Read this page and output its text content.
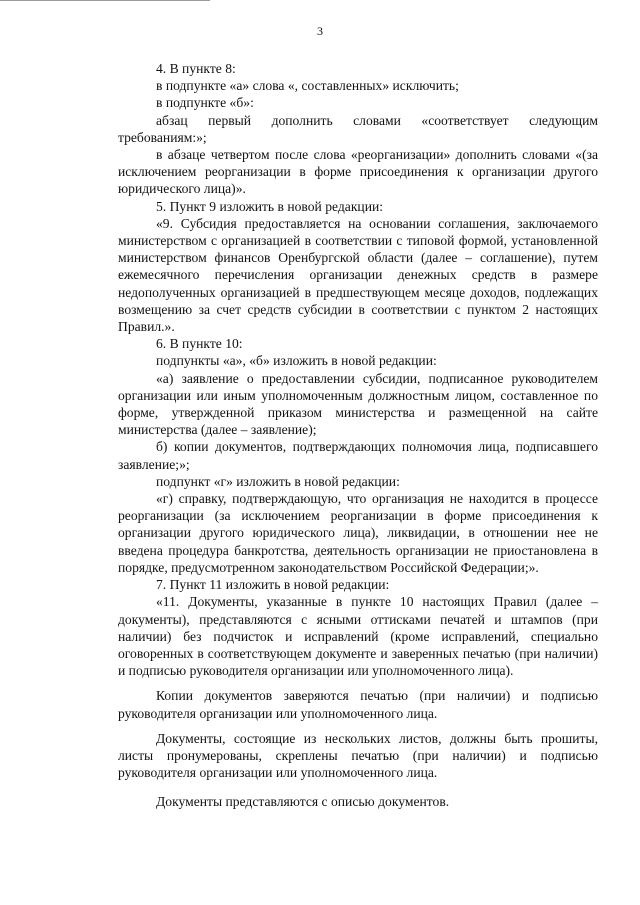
3

4. В пункте 8:

в подпункте «а» слова «, составленных» исключить;

в подпункте «б»:

абзац первый дополнить словами «соответствует следующим требованиям:»;

в абзаце четвертом после слова «реорганизации» дополнить словами «(за исключением реорганизации в форме присоединения к организации другого юридического лица)».

5. Пункт 9 изложить в новой редакции:

«9. Субсидия предоставляется на основании соглашения, заключаемого министерством с организацией в соответствии с типовой формой, установленной министерством финансов Оренбургской области (далее – соглашение), путем ежемесячного перечисления организации денежных средств в размере недополученных организацией в предшествующем месяце доходов, подлежащих возмещению за счет средств субсидии в соответствии с пунктом 2 настоящих Правил.».

6. В пункте 10:

подпункты «а», «б» изложить в новой редакции:

«а) заявление о предоставлении субсидии, подписанное руководителем организации или иным уполномоченным должностным лицом, составленное по форме, утвержденной приказом министерства и размещенной на сайте министерства (далее – заявление);

б) копии документов, подтверждающих полномочия лица, подписавшего заявление;»;

подпункт «г» изложить в новой редакции:

«г) справку, подтверждающую, что организация не находится в процессе реорганизации (за исключением реорганизации в форме присоединения к организации другого юридического лица), ликвидации, в отношении нее не введена процедура банкротства, деятельность организации не приостановлена в порядке, предусмотренном законодательством Российской Федерации;».

7. Пункт 11 изложить в новой редакции:

«11. Документы, указанные в пункте 10 настоящих Правил (далее – документы), представляются с ясными оттисками печатей и штампов (при наличии) без подчисток и исправлений (кроме исправлений, специально оговоренных в соответствующем документе и заверенных печатью (при наличии) и подписью руководителя организации или уполномоченного лица).

Копии документов заверяются печатью (при наличии) и подписью руководителя организации или уполномоченного лица.

Документы, состоящие из нескольких листов, должны быть прошиты, листы пронумерованы, скреплены печатью (при наличии) и подписью руководителя организации или уполномоченного лица.

Документы представляются с описью документов.
